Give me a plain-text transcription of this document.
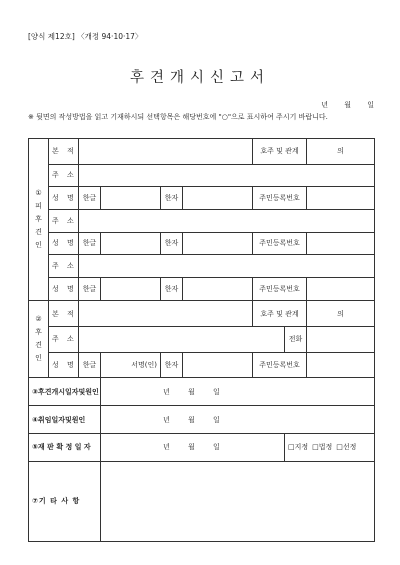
[양식 제12호] 〈개정 94·10·17〉
후견개시신고서
년 월 일
※ 뒷면의 작성방법을 읽고 기재하시되 선택항목은 해당번호에 "○"으로 표시하여 주시기 바랍니다.
①
피
후
견
인	본 적					호주 및 관계		의
	주 소							
	성 명	한글		한자		주민등록번호		
	주 소							
	성 명	한글		한자		주민등록번호		
	주 소							
	성 명	한글		한자		주민등록번호		

②
후
견
인	본 적					호주 및 관계		의
	주 소						전화	
	성 명	한글	서명(인)	한자		주민등록번호		
③후견개시일자및원인			년 월 일					
④취임일자및원인			년 월 일					
⑤재 판 확 정 일 자			년 월 일				□지정 □법정 □선정	
⑦기 타 사 항								
